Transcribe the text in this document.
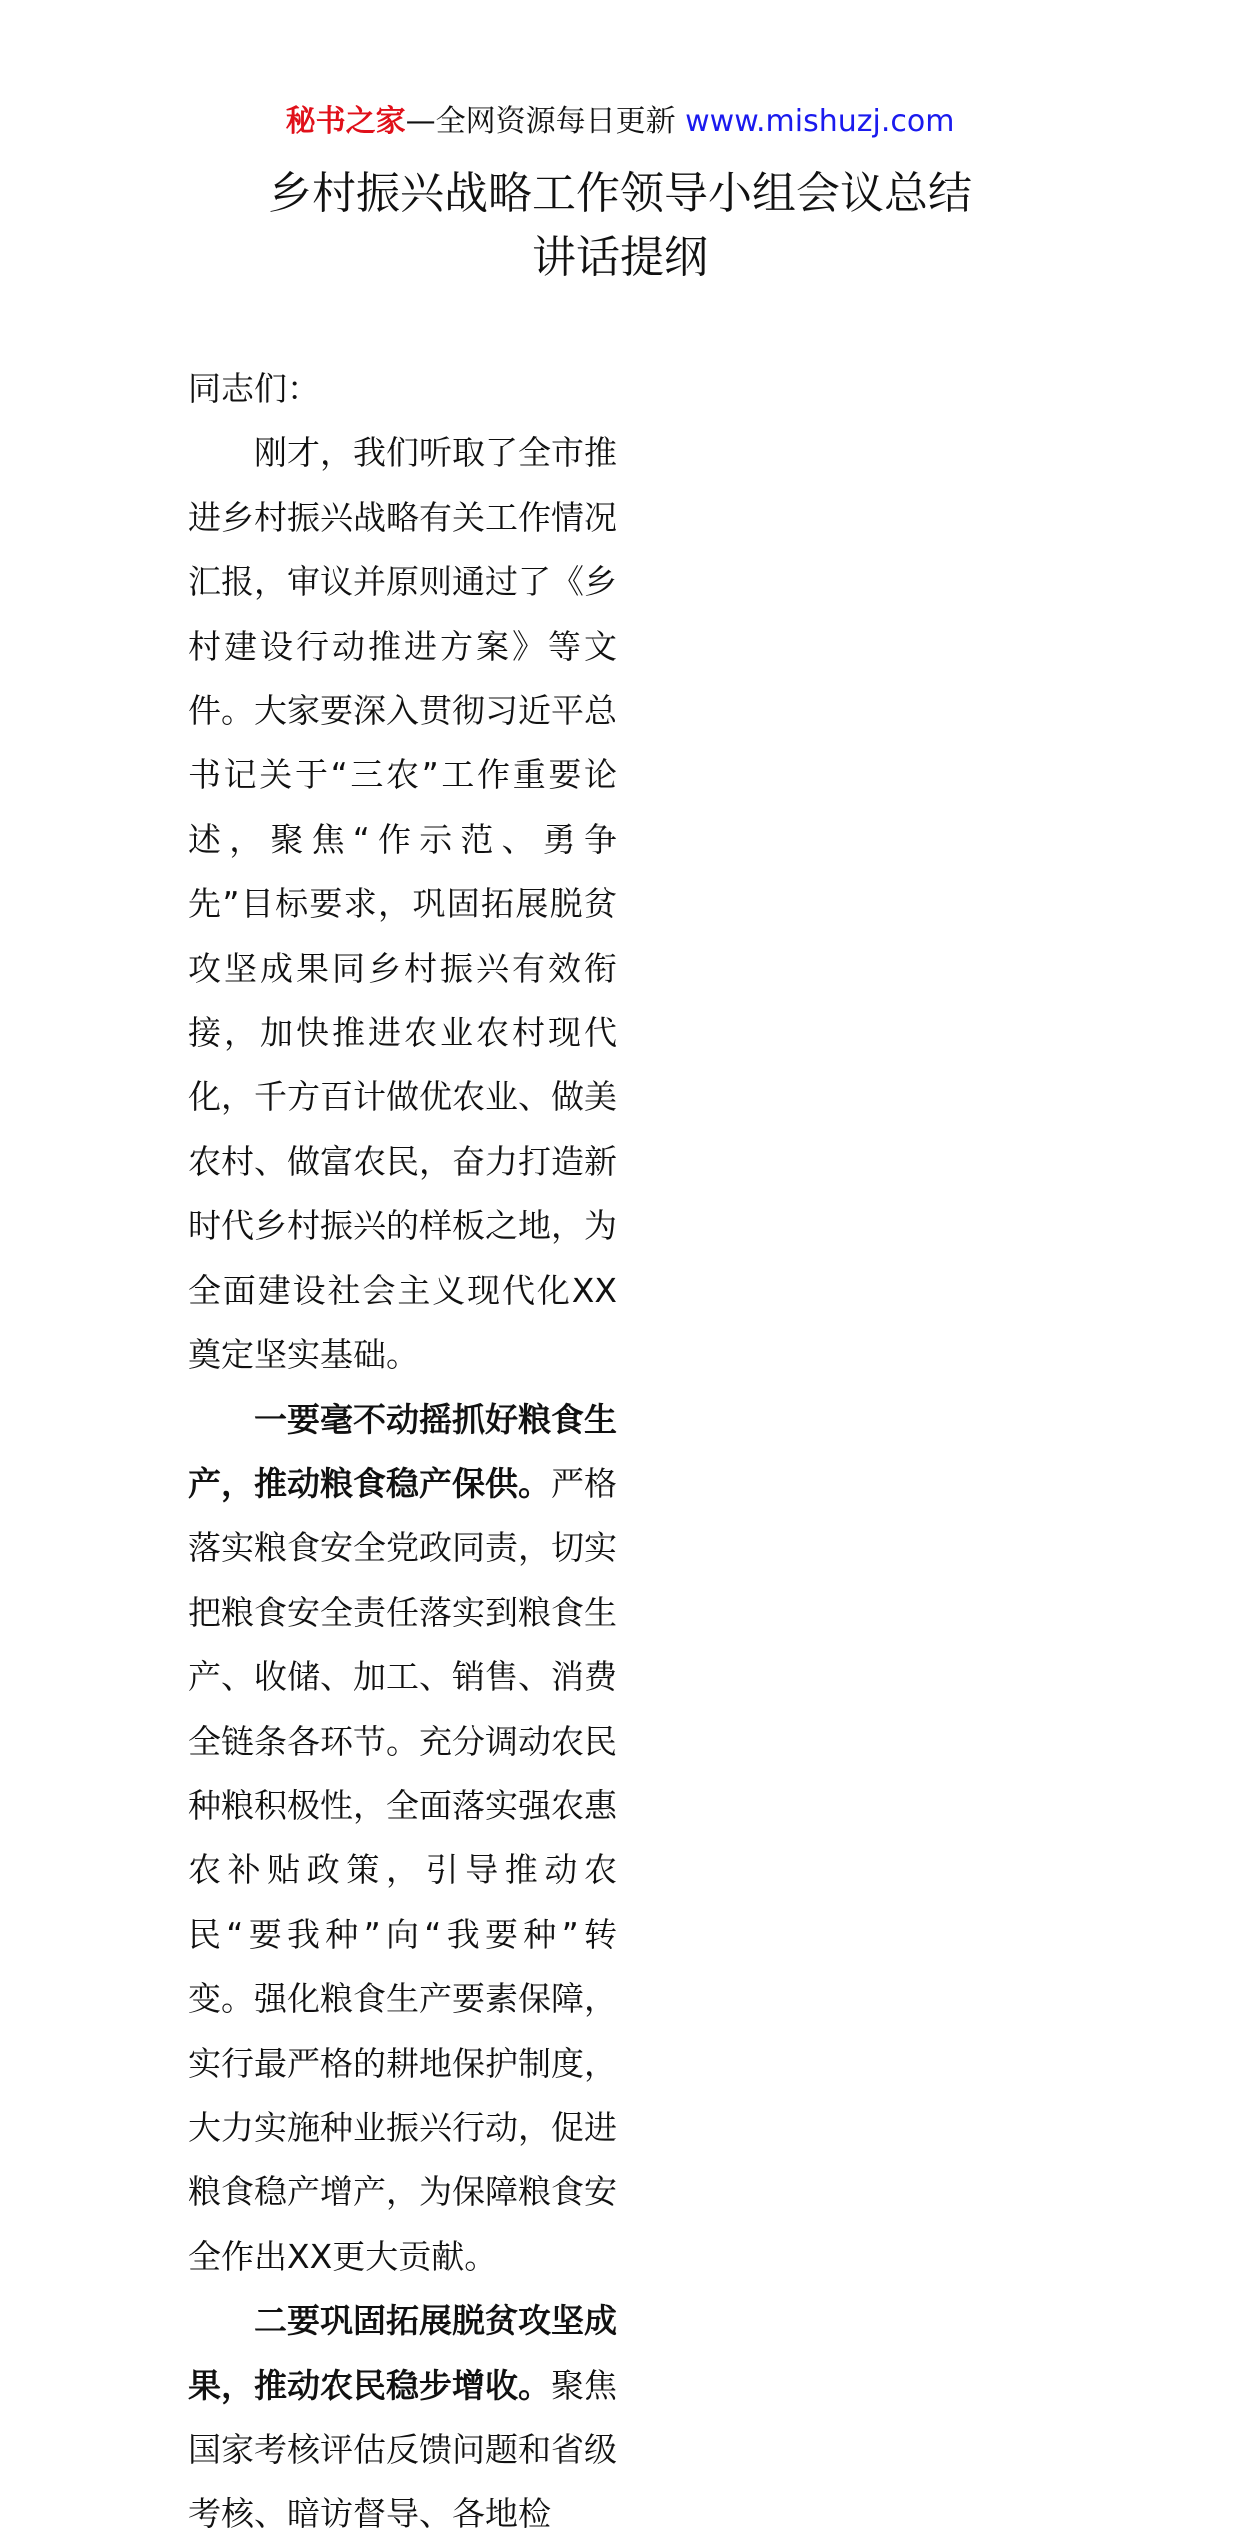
秘书之家—全网资源每日更新 www.mishuzj.com
乡村振兴战略工作领导小组会议总结
讲话提纲

同志们：

刚才，我们听取了全市推进乡村振兴战略有关工作情况汇报，审议并原则通过了《乡村建设行动推进方案》等文件。大家要深入贯彻习近平总书记关于“三农”工作重要论述，聚焦“作示范、勇争先”目标要求，巩固拓展脱贫攻坚成果同乡村振兴有效衔接，加快推进农业农村现代化，千方百计做优农业、做美农村、做富农民，奋力打造新时代乡村振兴的样板之地，为全面建设社会主义现代化XX奠定坚实基础。

一要毫不动摇抓好粮食生产，推动粮食稳产保供。严格落实粮食安全党政同责，切实把粮食安全责任落实到粮食生产、收储、加工、销售、消费全链条各环节。充分调动农民种粮积极性，全面落实强农惠农补贴政策，引导推动农民“要我种”向“我要种”转变。强化粮食生产要素保障，实行最严格的耕地保护制度，大力实施种业振兴行动，促进粮食稳产增产，为保障粮食安全作出XX更大贡献。

二要巩固拓展脱贫攻坚成果，推动农民稳步增收。聚焦国家考核评估反馈问题和省级考核、暗访督导、各地检
